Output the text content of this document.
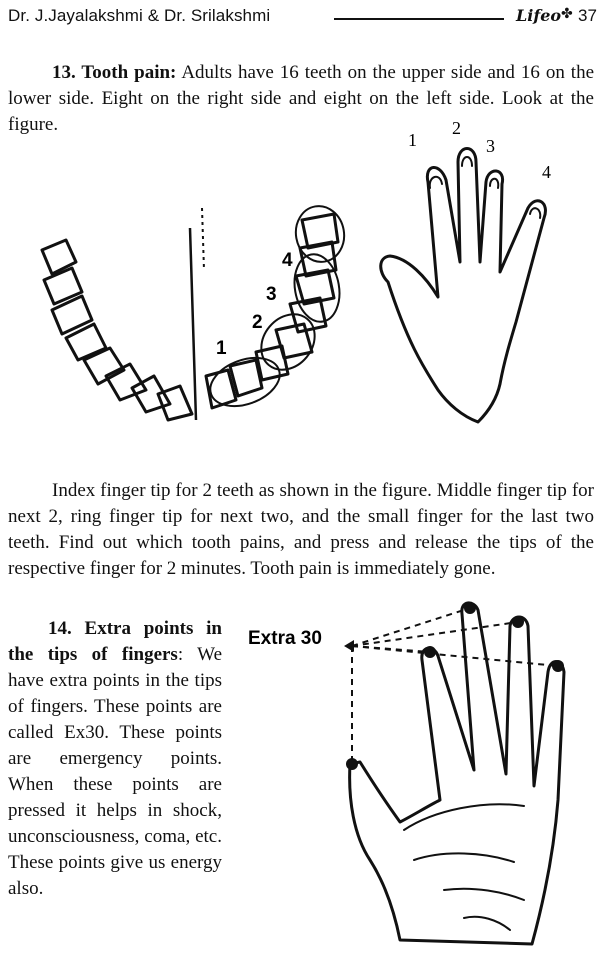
Dr. J.Jayalakshmi & Dr. Srilakshmi	Lifeo ✤ 37

13. Tooth pain: Adults have 16 teeth on the upper side and 16 on the lower side. Eight on the right side and eight on the left side. Look at the figure.

1
2
3
4
1
2
3
4

Index finger tip for 2 teeth as shown in the figure. Middle finger tip for next 2, ring finger tip for next two, and the small finger for the last two teeth. Find out which tooth pains, and press and release the tips of the respective finger for 2 minutes. Tooth pain is immediately gone.

14. Extra points in the tips of fingers: We have extra points in the tips of fingers. These points are called Ex30. These points are emergency points. When these points are pressed it helps in shock, unconsciousness, coma, etc. These points give us energy also.

Extra 30
